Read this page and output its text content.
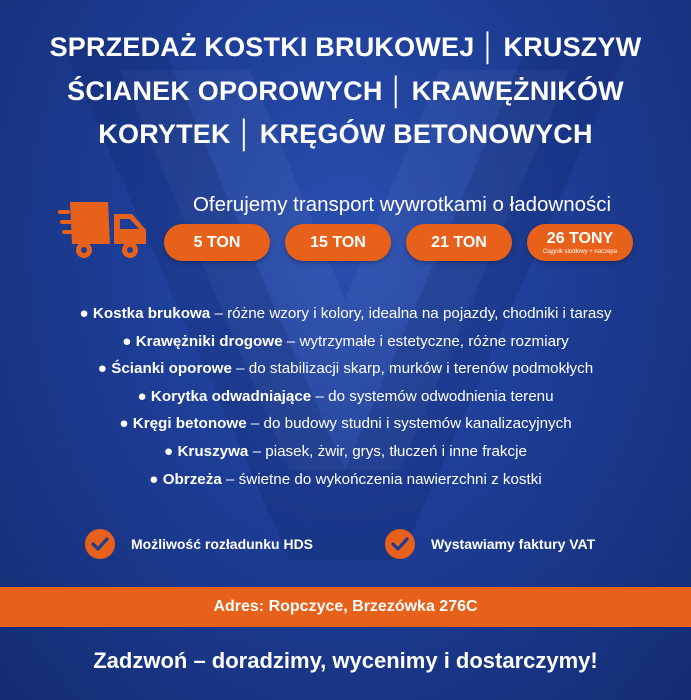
SPRZEDAŻ KOSTKI BRUKOWEJ │ KRUSZYW
ŚCIANEK OPOROWYCH │ KRAWĘŻNIKÓW
KORYTEK │ KRĘGÓW BETONOWYCH
Oferujemy transport wywrotkami o ładowności
5 TON	15 TON	21 TON	26 TONY
Ciągnik siodłowy + naczepa
● Kostka brukowa – różne wzory i kolory, idealna na pojazdy, chodniki i tarasy
● Krawężniki drogowe – wytrzymałe i estetyczne, różne rozmiary
● Ścianki oporowe – do stabilizacji skarp, murków i terenów podmokłych
● Korytka odwadniające – do systemów odwodnienia terenu
● Kręgi betonowe – do budowy studni i systemów kanalizacyjnych
● Kruszywa – piasek, żwir, grys, tłuczeń i inne frakcje
● Obrzeża – świetne do wykończenia nawierzchni z kostki
Możliwość rozładunku HDS	Wystawiamy faktury VAT
Adres: Ropczyce, Brzezówka 276C
Zadzwoń – doradzimy, wycenimy i dostarczymy!
